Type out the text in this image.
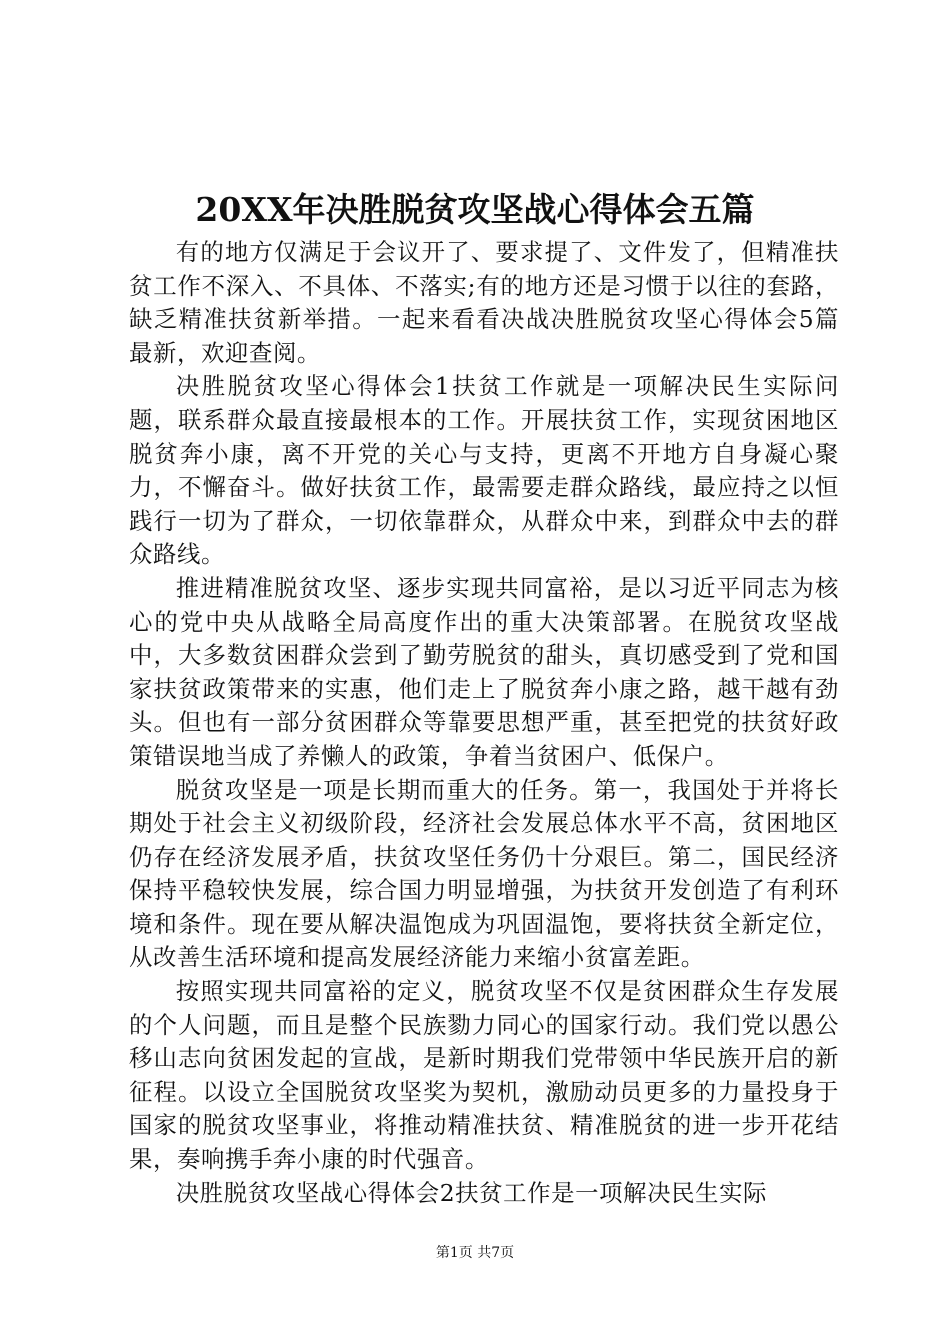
20XX年决胜脱贫攻坚战心得体会五篇

有的地方仅满足于会议开了、要求提了、文件发了，但精准扶贫工作不深入、不具体、不落实;有的地方还是习惯于以往的套路，缺乏精准扶贫新举措。一起来看看决战决胜脱贫攻坚心得体会5篇最新，欢迎查阅。

决胜脱贫攻坚心得体会1扶贫工作就是一项解决民生实际问题，联系群众最直接最根本的工作。开展扶贫工作，实现贫困地区脱贫奔小康，离不开党的关心与支持，更离不开地方自身凝心聚力，不懈奋斗。做好扶贫工作，最需要走群众路线，最应持之以恒践行一切为了群众，一切依靠群众，从群众中来，到群众中去的群众路线。

推进精准脱贫攻坚、逐步实现共同富裕，是以习近平同志为核心的党中央从战略全局高度作出的重大决策部署。在脱贫攻坚战中，大多数贫困群众尝到了勤劳脱贫的甜头，真切感受到了党和国家扶贫政策带来的实惠，他们走上了脱贫奔小康之路，越干越有劲头。但也有一部分贫困群众等靠要思想严重，甚至把党的扶贫好政策错误地当成了养懒人的政策，争着当贫困户、低保户。

脱贫攻坚是一项是长期而重大的任务。第一，我国处于并将长期处于社会主义初级阶段，经济社会发展总体水平不高，贫困地区仍存在经济发展矛盾，扶贫攻坚任务仍十分艰巨。第二，国民经济保持平稳较快发展，综合国力明显增强，为扶贫开发创造了有利环境和条件。现在要从解决温饱成为巩固温饱，要将扶贫全新定位，从改善生活环境和提高发展经济能力来缩小贫富差距。

按照实现共同富裕的定义，脱贫攻坚不仅是贫困群众生存发展的个人问题，而且是整个民族勠力同心的国家行动。我们党以愚公移山志向贫困发起的宣战，是新时期我们党带领中华民族开启的新征程。以设立全国脱贫攻坚奖为契机，激励动员更多的力量投身于国家的脱贫攻坚事业，将推动精准扶贫、精准脱贫的进一步开花结果，奏响携手奔小康的时代强音。

决胜脱贫攻坚战心得体会2扶贫工作是一项解决民生实际

第1页 共7页
